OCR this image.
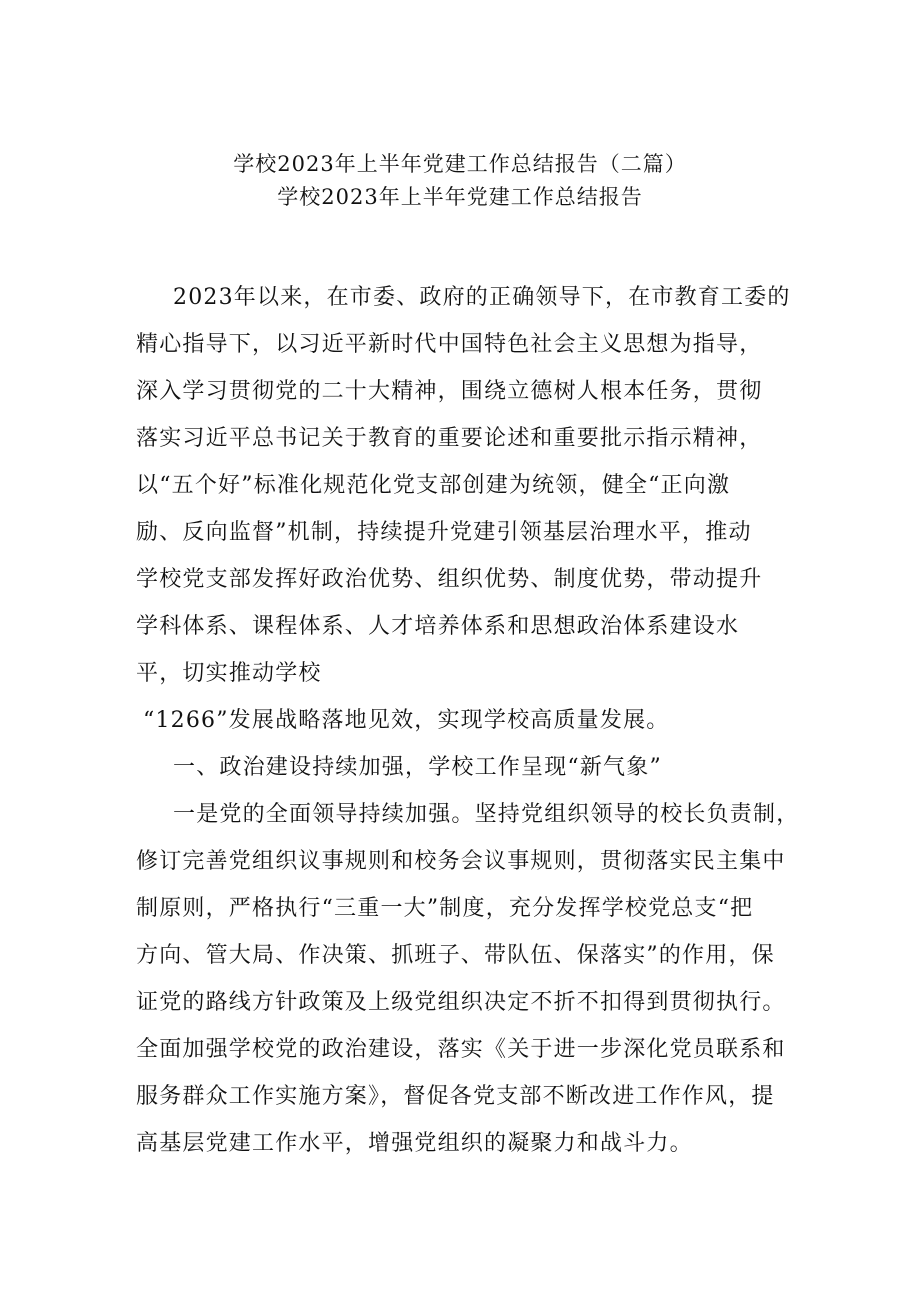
学校2023年上半年党建工作总结报告（二篇）
学校2023年上半年党建工作总结报告
2023年以来，在市委、政府的正确领导下，在市教育工委的
精心指导下，以习近平新时代中国特色社会主义思想为指导，
深入学习贯彻党的二十大精神，围绕立德树人根本任务，贯彻
落实习近平总书记关于教育的重要论述和重要批示指示精神，
以“五个好”标准化规范化党支部创建为统领，健全“正向激
励、反向监督”机制，持续提升党建引领基层治理水平，推动
学校党支部发挥好政治优势、组织优势、制度优势，带动提升
学科体系、课程体系、人才培养体系和思想政治体系建设水
平，切实推动学校
“1266”发展战略落地见效，实现学校高质量发展。
一、政治建设持续加强，学校工作呈现“新气象”
一是党的全面领导持续加强。坚持党组织领导的校长负责制，
修订完善党组织议事规则和校务会议事规则，贯彻落实民主集中
制原则，严格执行“三重一大”制度，充分发挥学校党总支“把
方向、管大局、作决策、抓班子、带队伍、保落实”的作用，保
证党的路线方针政策及上级党组织决定不折不扣得到贯彻执行。
全面加强学校党的政治建设，落实《关于进一步深化党员联系和
服务群众工作实施方案》，督促各党支部不断改进工作作风，提
高基层党建工作水平，增强党组织的凝聚力和战斗力。
